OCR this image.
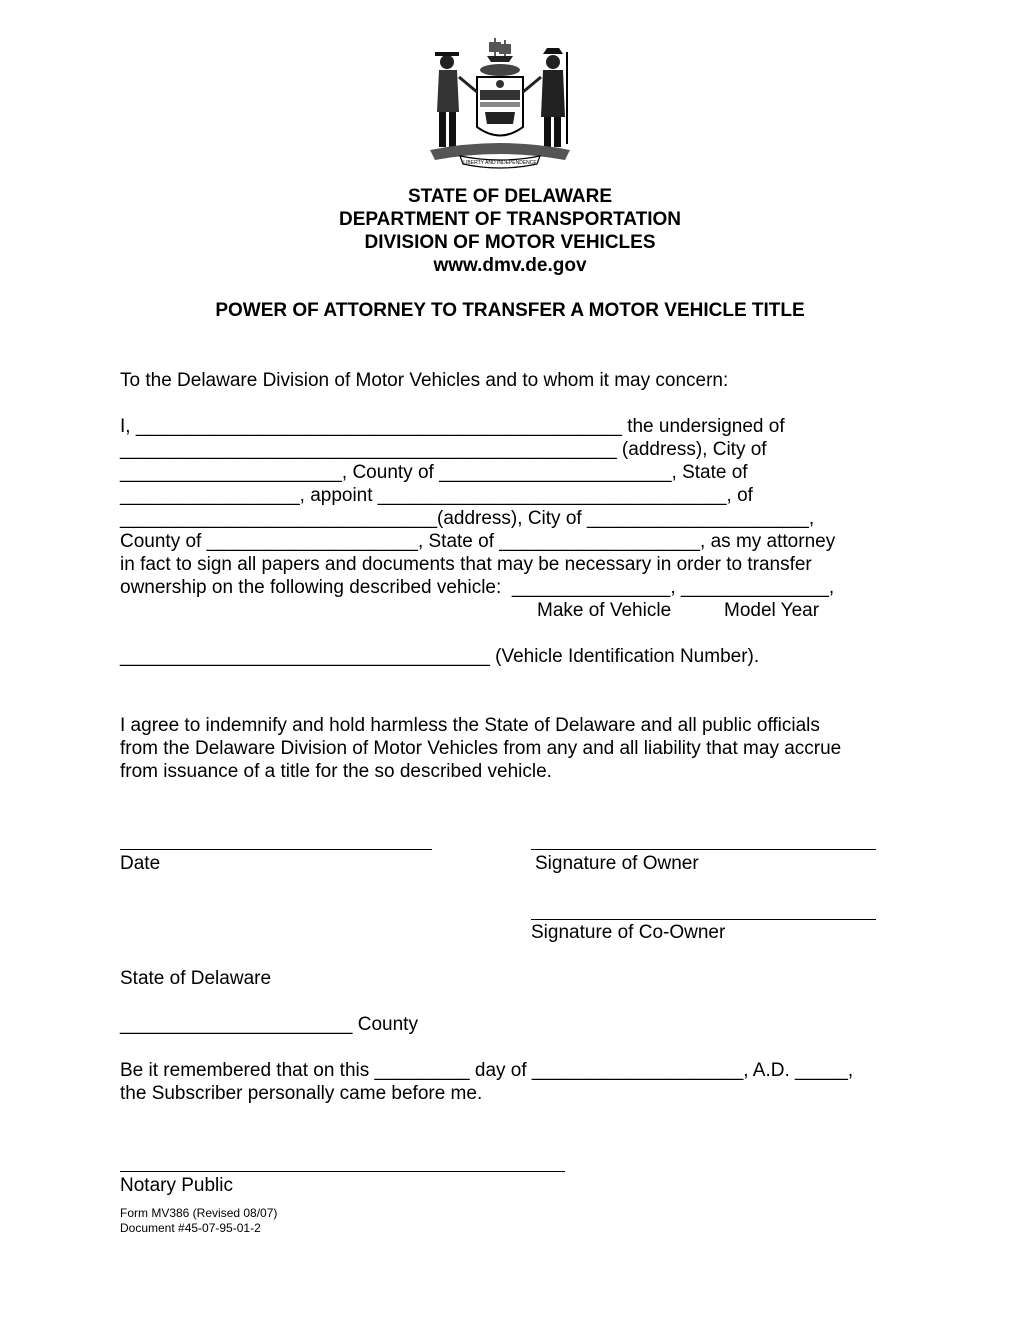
LIBERTY AND INDEPENDENCE
STATE OF DELAWARE
DEPARTMENT OF TRANSPORTATION
DIVISION OF MOTOR VEHICLES
www.dmv.de.gov
POWER OF ATTORNEY TO TRANSFER A MOTOR VEHICLE TITLE
To the Delaware Division of Motor Vehicles and to whom it may concern:
I, ______________________________________________ the undersigned of
_______________________________________________ (address), City of
_____________________, County of ______________________, State of
_________________, appoint _________________________________, of
______________________________(address), City of _____________________,
County of ____________________, State of ___________________, as my attorney
in fact to sign all papers and documents that may be necessary in order to transfer
ownership on the following described vehicle:  _______________, ______________,
Make of Vehicle	Model Year
___________________________________ (Vehicle Identification Number).
I agree to indemnify and hold harmless the State of Delaware and all public officials
from the Delaware Division of Motor Vehicles from any and all liability that may accrue
from issuance of a title for the so described vehicle.
Date	Signature of Owner
Signature of Co-Owner
State of Delaware
______________________ County
Be it remembered that on this _________ day of ____________________, A.D. _____,
the Subscriber personally came before me.
Notary Public
Form MV386 (Revised 08/07)
Document #45-07-95-01-2
